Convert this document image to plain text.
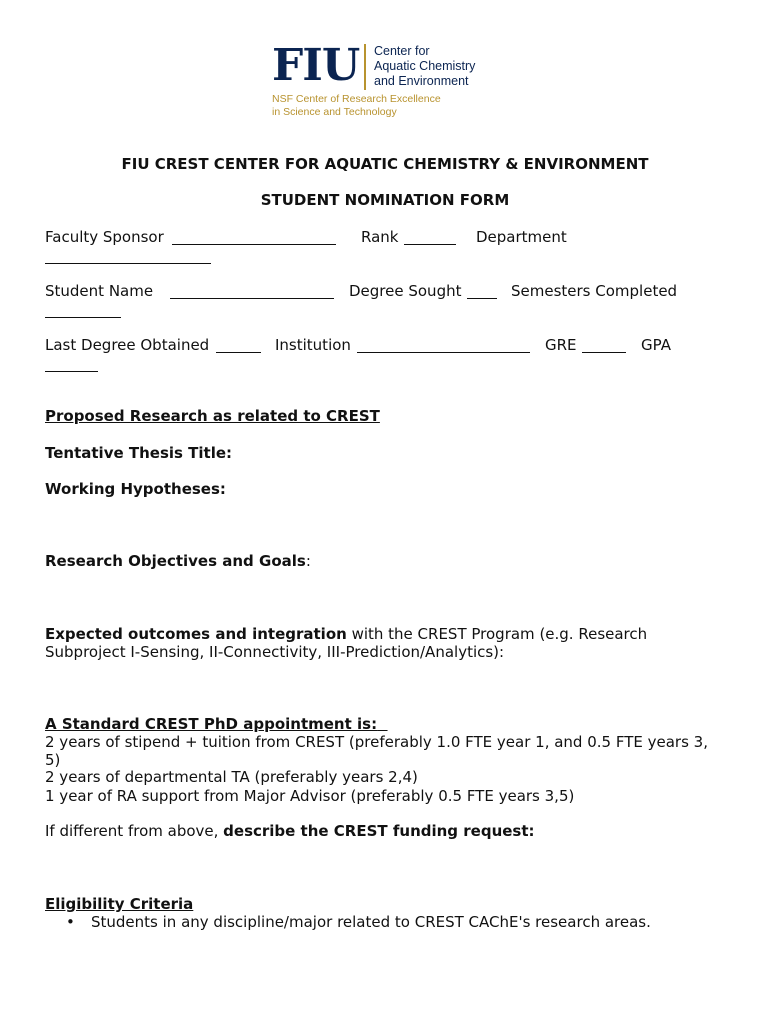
FIU Center for
Aquatic Chemistry
and Environment
NSF Center of Research Excellence
in Science and Technology
FIU CREST CENTER FOR AQUATIC CHEMISTRY & ENVIRONMENT
STUDENT NOMINATION FORM
Faculty Sponsor	Rank	Department
Student Name	Degree Sought	Semesters Completed
Last Degree Obtained	Institution	GRE	GPA
Proposed Research as related to CREST
Tentative Thesis Title:
Working Hypotheses:
Research Objectives and Goals:
Expected outcomes and integration with the CREST Program (e.g. Research
Subproject I-Sensing, II-Connectivity, III-Prediction/Analytics):
A Standard CREST PhD appointment is:
2 years of stipend + tuition from CREST (preferably 1.0 FTE year 1, and 0.5 FTE years 3,
5)
2 years of departmental TA (preferably years 2,4)
1 year of RA support from Major Advisor (preferably 0.5 FTE years 3,5)
If different from above, describe the CREST funding request:
Eligibility Criteria
• Students in any discipline/major related to CREST CAChE's research areas.
